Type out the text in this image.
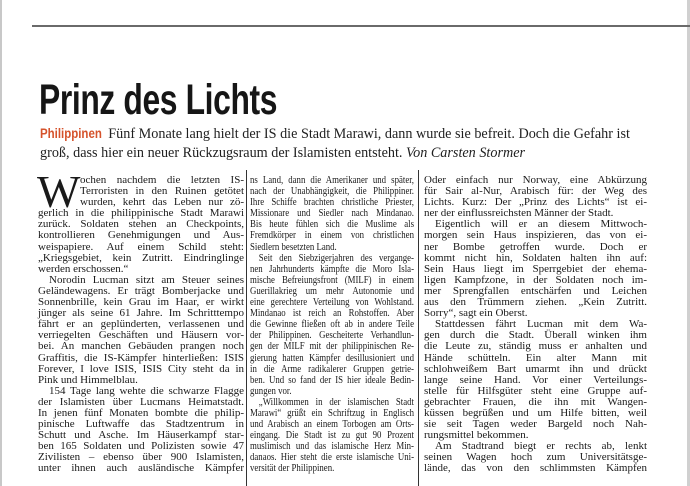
Prinz des Lichts
Philippinen Fünf Monate lang hielt der IS die Stadt Marawi, dann wurde sie befreit. Doch die Gefahr ist groß, dass hier ein neuer Rückzugsraum der Islamisten entsteht. Von Carsten Stormer
W ochen nachdem die letzten IS-
Terroristen in den Ruinen getötet
wurden, kehrt das Leben nur zö-
gerlich in die philippinische Stadt Marawi
zurück. Soldaten stehen an Checkpoints,
kontrollieren Genehmigungen und Aus-
weispapiere. Auf einem Schild steht:
„Kriegsgebiet, kein Zutritt. Eindringlinge
werden erschossen.“
Norodin Lucman sitzt am Steuer seines
Geländewagens. Er trägt Bomberjacke und
Sonnenbrille, kein Grau im Haar, er wirkt
jünger als seine 61 Jahre. Im Schritttempo
fährt er an geplünderten, verlassenen und
verriegelten Geschäften und Häusern vor-
bei. An manchen Gebäuden prangen noch
Graffitis, die IS-Kämpfer hinterließen: ISIS
Forever, I love ISIS, ISIS City steht da in
Pink und Himmelblau.
154 Tage lang wehte die schwarze Flagge
der Islamisten über Lucmans Heimatstadt.
In jenen fünf Monaten bombte die philip-
pinische Luftwaffe das Stadtzentrum in
Schutt und Asche. Im Häuserkampf star-
ben 165 Soldaten und Polizisten sowie 47
Zivilisten – ebenso über 900 Islamisten,
unter ihnen auch ausländische Kämpfer
ns Land, dann die Amerikaner und später,
nach der Unabhängigkeit, die Philippiner.
Ihre Schiffe brachten christliche Priester,
Missionare und Siedler nach Mindanao.
Bis heute fühlen sich die Muslime als
Fremdkörper in einem von christlichen
Siedlern besetzten Land.
Seit den Siebzigerjahren des vergange-
nen Jahrhunderts kämpfte die Moro Isla-
mische Befreiungsfront (MILF) in einem
Guerillakrieg um mehr Autonomie und
eine gerechtere Verteilung von Wohlstand.
Mindanao ist reich an Rohstoffen. Aber
die Gewinne fließen oft ab in andere Teile
der Philippinen. Gescheiterte Verhandlun-
gen der MILF mit der philippinischen Re-
gierung hatten Kämpfer desillusioniert und
in die Arme radikalerer Gruppen getrie-
ben. Und so fand der IS hier ideale Bedin-
gungen vor.
„Willkommen in der islamischen Stadt
Marawi“ grüßt ein Schriftzug in Englisch
und Arabisch an einem Torbogen am Orts-
eingang. Die Stadt ist zu gut 90 Prozent
muslimisch und das islamische Herz Min-
danaos. Hier steht die erste islamische Uni-
versität der Philippinen.
Oder einfach nur Norway, eine Abkürzung
für Sair al-Nur, Arabisch für: der Weg des
Lichts. Kurz: Der „Prinz des Lichts“ ist ei-
ner der einflussreichsten Männer der Stadt.
Eigentlich will er an diesem Mittwoch-
morgen sein Haus inspizieren, das von ei-
ner Bombe getroffen wurde. Doch er
kommt nicht hin, Soldaten halten ihn auf:
Sein Haus liegt im Sperrgebiet der ehema-
ligen Kampfzone, in der Soldaten noch im-
mer Sprengfallen entschärfen und Leichen
aus den Trümmern ziehen. „Kein Zutritt.
Sorry“, sagt ein Oberst.
Stattdessen fährt Lucman mit dem Wa-
gen durch die Stadt. Überall winken ihm
die Leute zu, ständig muss er anhalten und
Hände schütteln. Ein alter Mann mit
schlohweißem Bart umarmt ihn und drückt
lange seine Hand. Vor einer Verteilungs-
stelle für Hilfsgüter steht eine Gruppe auf-
gebrachter Frauen, die ihn mit Wangen-
küssen begrüßen und um Hilfe bitten, weil
sie seit Tagen weder Bargeld noch Nah-
rungsmittel bekommen.
Am Stadtrand biegt er rechts ab, lenkt
seinen Wagen hoch zum Universitätsge-
lände, das von den schlimmsten Kämpfen
